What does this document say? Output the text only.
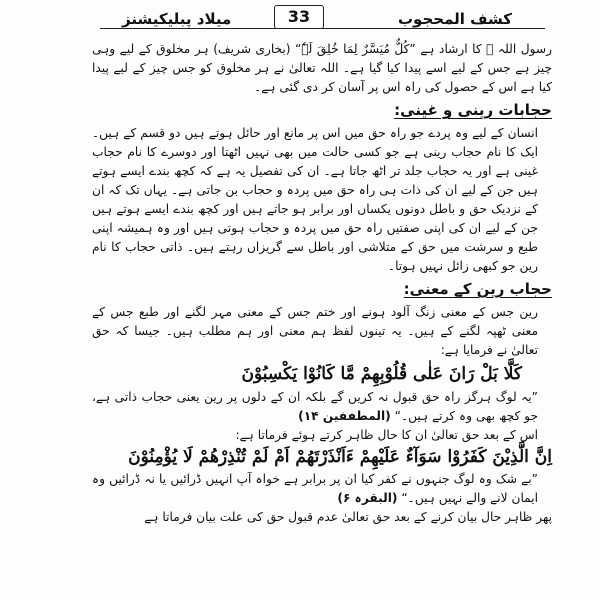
ميلاد پبليكيشنز	33	كشف المحجوب

رسول اللہ ﷺ کا ارشاد ہے ”کُلٌّ مُیَسَّرٌ لِمَا خُلِقَ لَہٗ“ (بخاری شریف) ہر مخلوق کے لیے وہی چیز ہے جس کے لیے اسے پیدا کیا گیا ہے۔ اللہ تعالیٰ نے ہر مخلوق کو جس چیز کے لیے پیدا کیا ہے اس کے حصول کی راہ اس پر آسان کر دی گئی ہے۔

حجابات رینی و غینی:

انسان کے لیے وہ پردے جو راہ حق میں اس پر مانع اور حائل ہوتے ہیں دو قسم کے ہیں۔ ایک کا نام حجاب رینی ہے جو کسی حالت میں بھی نہیں اٹھتا اور دوسرے کا نام حجاب غینی ہے اور یہ حجاب جلد تر اٹھ جاتا ہے۔ ان کی تفصیل یہ ہے کہ کچھ بندے ایسے ہوتے ہیں جن کے لیے ان کی ذات ہی راہ حق میں پردہ و حجاب بن جاتی ہے۔ یہاں تک کہ ان کے نزدیک حق و باطل دونوں یکساں اور برابر ہو جاتے ہیں اور کچھ بندے ایسے ہوتے ہیں جن کے لیے ان کی اپنی صفتیں راہ حق میں پردہ و حجاب ہوتی ہیں اور وہ ہمیشہ اپنی طبع و سرشت میں حق کے متلاشی اور باطل سے گریزاں رہتے ہیں۔ ذاتی حجاب کا نام رین جو کبھی زائل نہیں ہوتا۔

حجاب رین کے معنی:

رین جس کے معنی زنگ آلود ہونے اور ختم جس کے معنی مہر لگنے اور طبع جس کے معنی ٹھپہ لگنے کے ہیں۔ یہ تینوں لفظ ہم معنی اور ہم مطلب ہیں۔ جیسا کہ حق تعالیٰ نے فرمایا ہے:

كَلَّا بَلْ رَانَ عَلٰى قُلُوْبِهِمْ مَّا كَانُوْا يَكْسِبُوْنَ

”یہ لوگ ہرگز راہ حق قبول نہ کریں گے بلکہ ان کے دلوں پر رین یعنی حجاب ذاتی ہے، جو کچھ بھی وہ کرتے ہیں۔“ (المطففین ۱۴)

اس کے بعد حق تعالیٰ ان کا حال ظاہر کرتے ہوئے فرماتا ہے:

اِنَّ الَّذِيْنَ كَفَرُوْا سَوَآءٌ عَلَيْهِمْ ءَاَنْذَرْتَهُمْ اَمْ لَمْ تُنْذِرْهُمْ لَا يُؤْمِنُوْنَ

”بے شک وہ لوگ جنہوں نے کفر کیا ان پر برابر ہے خواہ آپ انہیں ڈرائیں یا نہ ڈرائیں وہ ایمان لانے والے نہیں ہیں۔“ (البقرہ ۶)

پھر ظاہر حال بیان کرنے کے بعد حق تعالیٰ عدم قبول حق کی علت بیان فرماتا ہے
